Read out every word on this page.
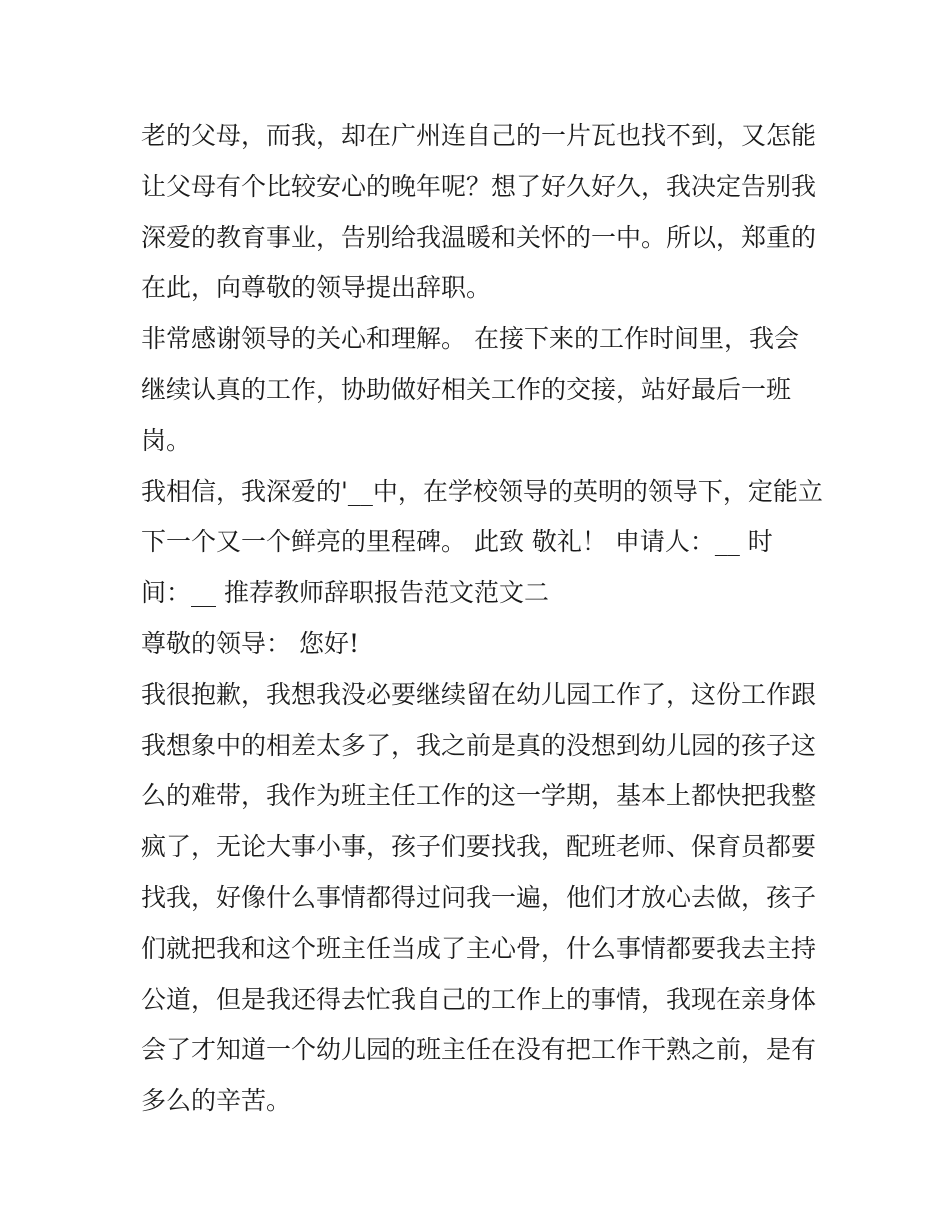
老的父母，而我，却在广州连自己的一片瓦也找不到，又怎能
让父母有个比较安心的晚年呢？想了好久好久，我决定告别我
深爱的教育事业，告别给我温暖和关怀的一中。所以，郑重的
在此，向尊敬的领导提出辞职。
非常感谢领导的关心和理解。 在接下来的工作时间里，我会
继续认真的工作，协助做好相关工作的交接，站好最后一班
岗。
我相信，我深爱的'__中，在学校领导的英明的领导下，定能立
下一个又一个鲜亮的里程碑。 此致 敬礼！ 申请人：__ 时
间：__ 推荐教师辞职报告范文范文二
尊敬的领导： 您好!
我很抱歉，我想我没必要继续留在幼儿园工作了，这份工作跟
我想象中的相差太多了，我之前是真的没想到幼儿园的孩子这
么的难带，我作为班主任工作的这一学期，基本上都快把我整
疯了，无论大事小事，孩子们要找我，配班老师、保育员都要
找我，好像什么事情都得过问我一遍，他们才放心去做，孩子
们就把我和这个班主任当成了主心骨，什么事情都要我去主持
公道，但是我还得去忙我自己的工作上的事情，我现在亲身体
会了才知道一个幼儿园的班主任在没有把工作干熟之前，是有
多么的辛苦。
